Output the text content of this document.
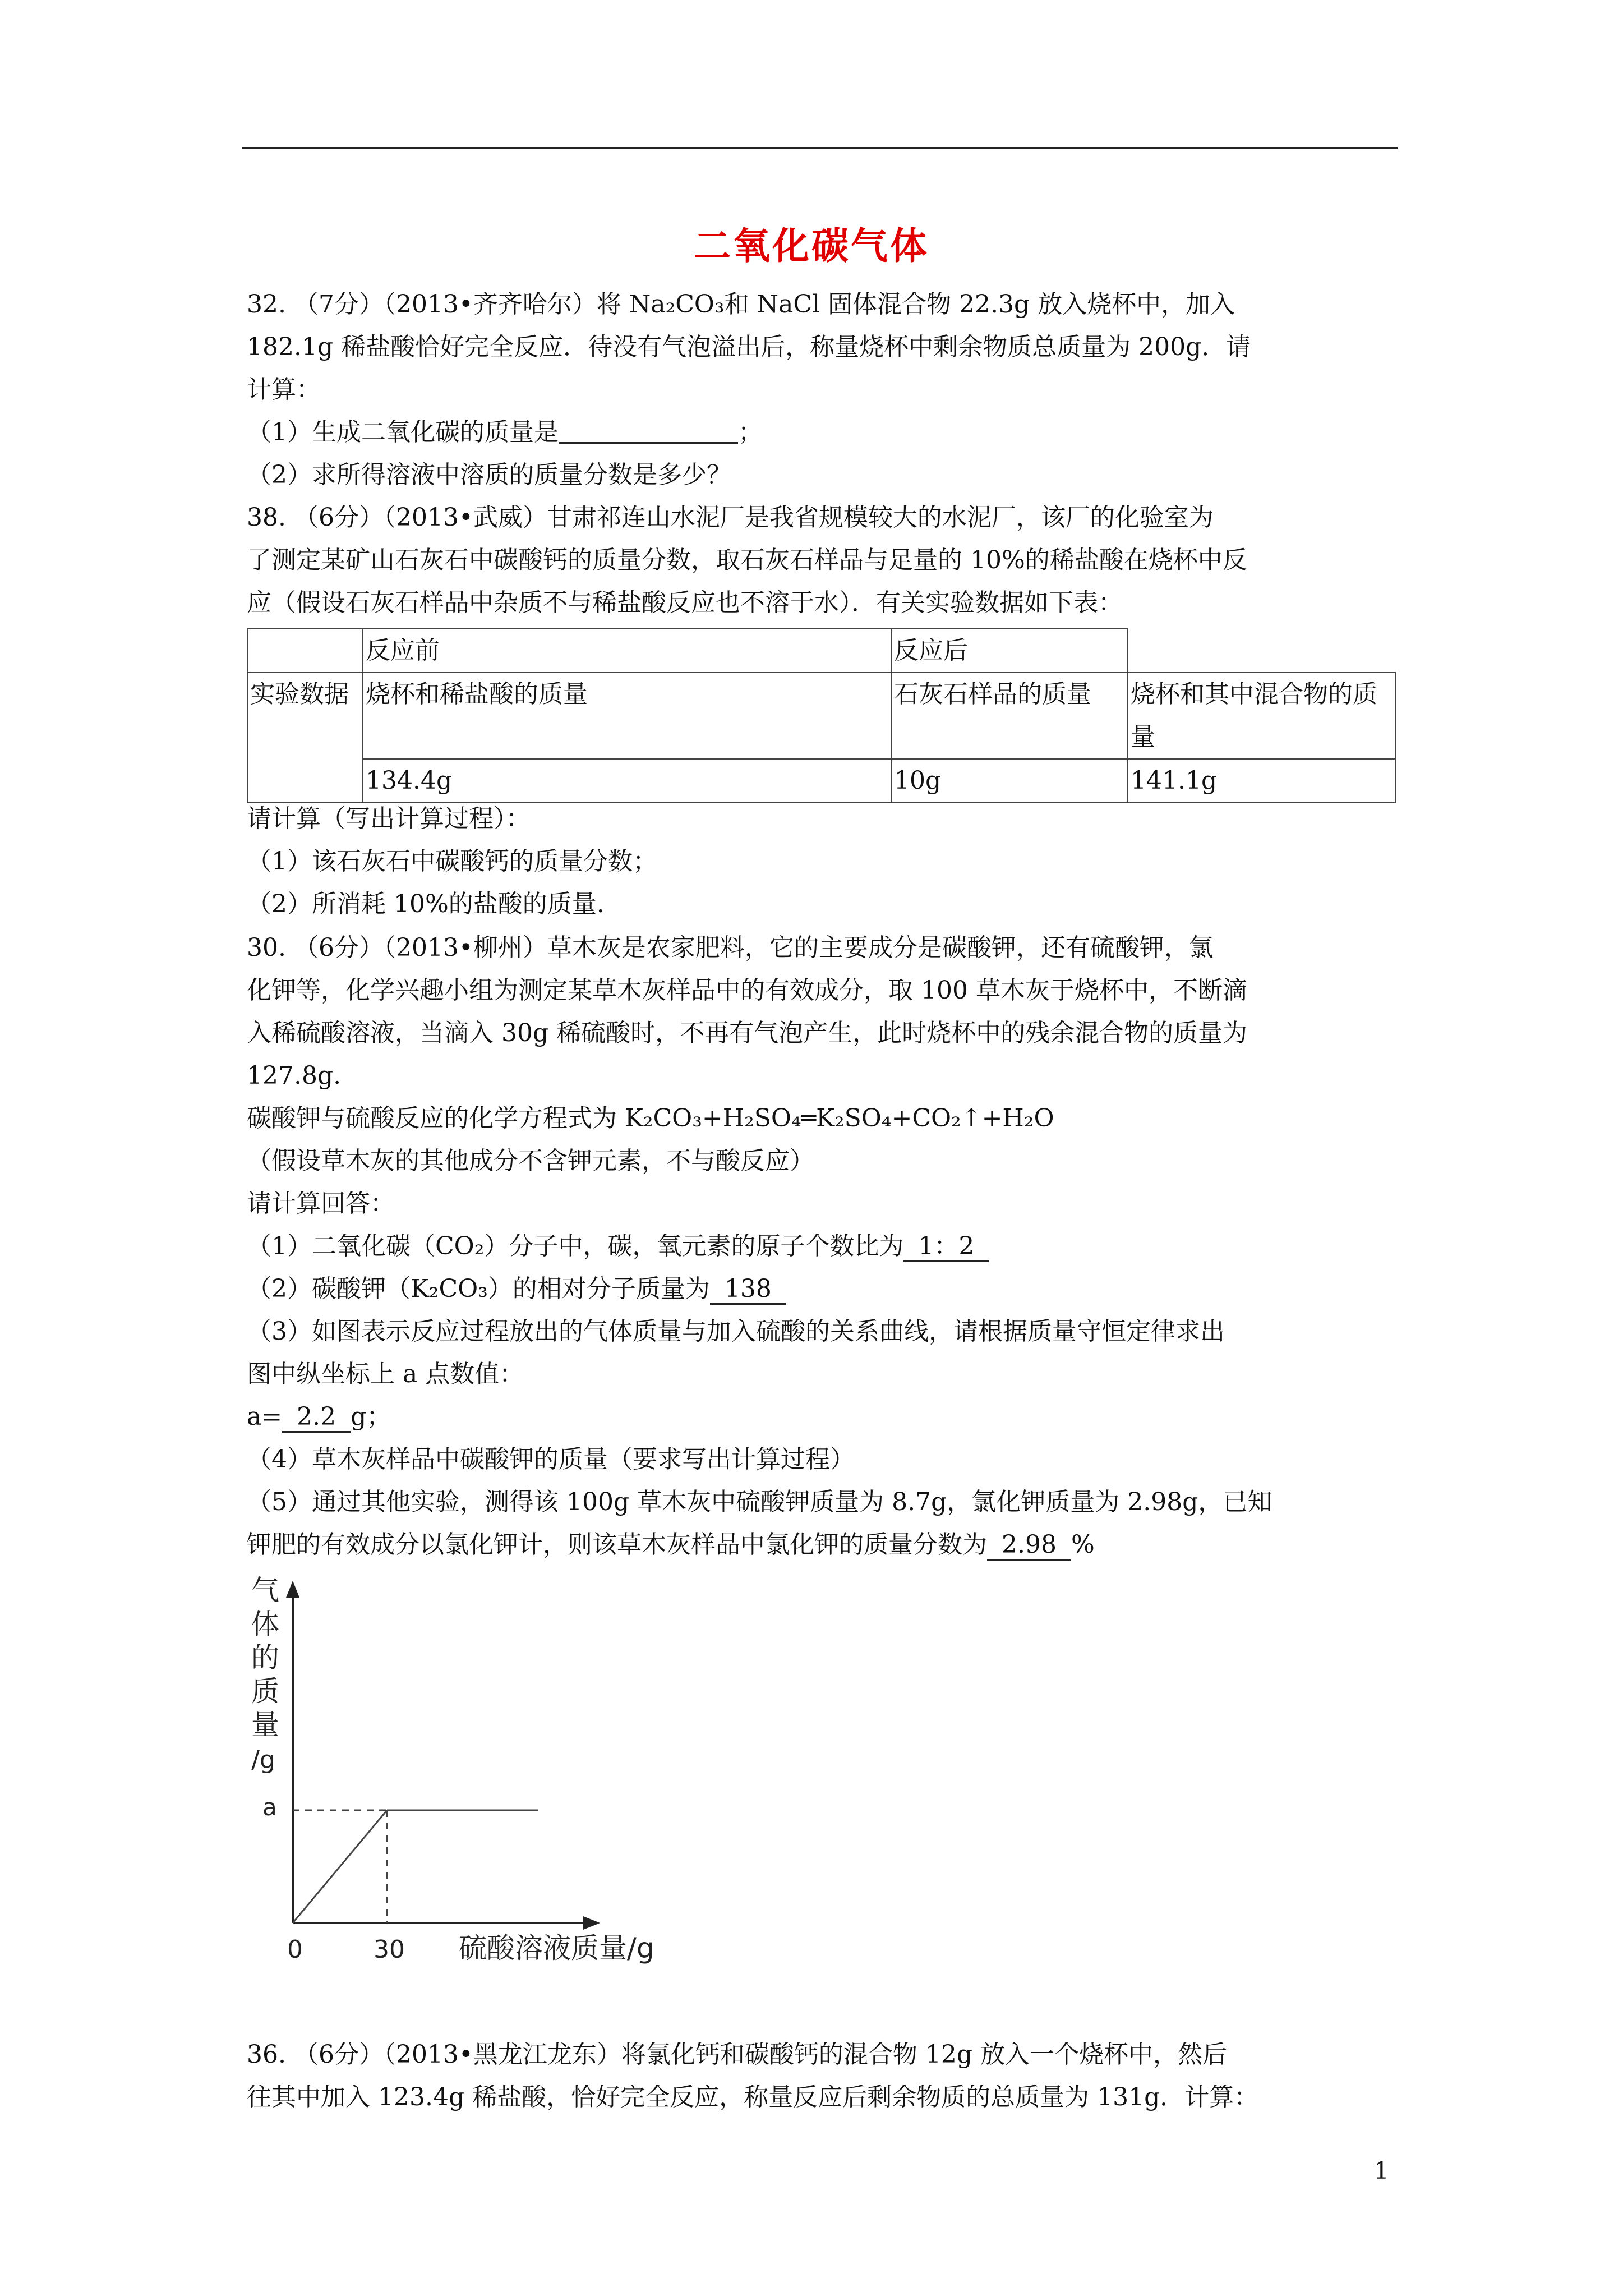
二氧化碳气体
32. （7分）（2013•齐齐哈尔）将 Na₂CO₃和 NaCl 固体混合物 22.3g 放入烧杯中，加入
182.1g 稀盐酸恰好完全反应．待没有气泡溢出后，称量烧杯中剩余物质总质量为 200g．请
计算：
（1）生成二氧化碳的质量是	；
（2）求所得溶液中溶质的质量分数是多少？
38. （6分）（2013•武威）甘肃祁连山水泥厂是我省规模较大的水泥厂，该厂的化验室为
了测定某矿山石灰石中碳酸钙的质量分数，取石灰石样品与足量的 10%的稀盐酸在烧杯中反
应（假设石灰石样品中杂质不与稀盐酸反应也不溶于水）．有关实验数据如下表：
	反应前	反应后	
实验数据	烧杯和稀盐酸的质量	石灰石样品的质量	烧杯和其中混合物的质量
	134.4g	10g	141.1g
请计算（写出计算过程）：
（1）该石灰石中碳酸钙的质量分数；
（2）所消耗 10%的盐酸的质量.
30. （6分）（2013•柳州）草木灰是农家肥料，它的主要成分是碳酸钾，还有硫酸钾，氯
化钾等，化学兴趣小组为测定某草木灰样品中的有效成分，取 100 草木灰于烧杯中，不断滴
入稀硫酸溶液，当滴入 30g 稀硫酸时，不再有气泡产生，此时烧杯中的残余混合物的质量为
127.8g.
碳酸钾与硫酸反应的化学方程式为 K₂CO₃+H₂SO₄═K₂SO₄+CO₂↑+H₂O
（假设草木灰的其他成分不含钾元素，不与酸反应）
请计算回答：
（1）二氧化碳（CO₂）分子中，碳，氧元素的原子个数比为 1：2
（2）碳酸钾（K₂CO₃）的相对分子质量为 138
（3）如图表示反应过程放出的气体质量与加入硫酸的关系曲线，请根据质量守恒定律求出
图中纵坐标上 a 点数值：
a= 2.2 g；
（4）草木灰样品中碳酸钾的质量（要求写出计算过程）
（5）通过其他实验，测得该 100g 草木灰中硫酸钾质量为 8.7g，氯化钾质量为 2.98g，已知
钾肥的有效成分以氯化钾计，则该草木灰样品中氯化钾的质量分数为 2.98 %
气
体
的
质
量
/g
a
0	30 硫酸溶液质量/g
36. （6分）（2013•黑龙江龙东）将氯化钙和碳酸钙的混合物 12g 放入一个烧杯中，然后
往其中加入 123.4g 稀盐酸，恰好完全反应，称量反应后剩余物质的总质量为 131g．计算：
1
